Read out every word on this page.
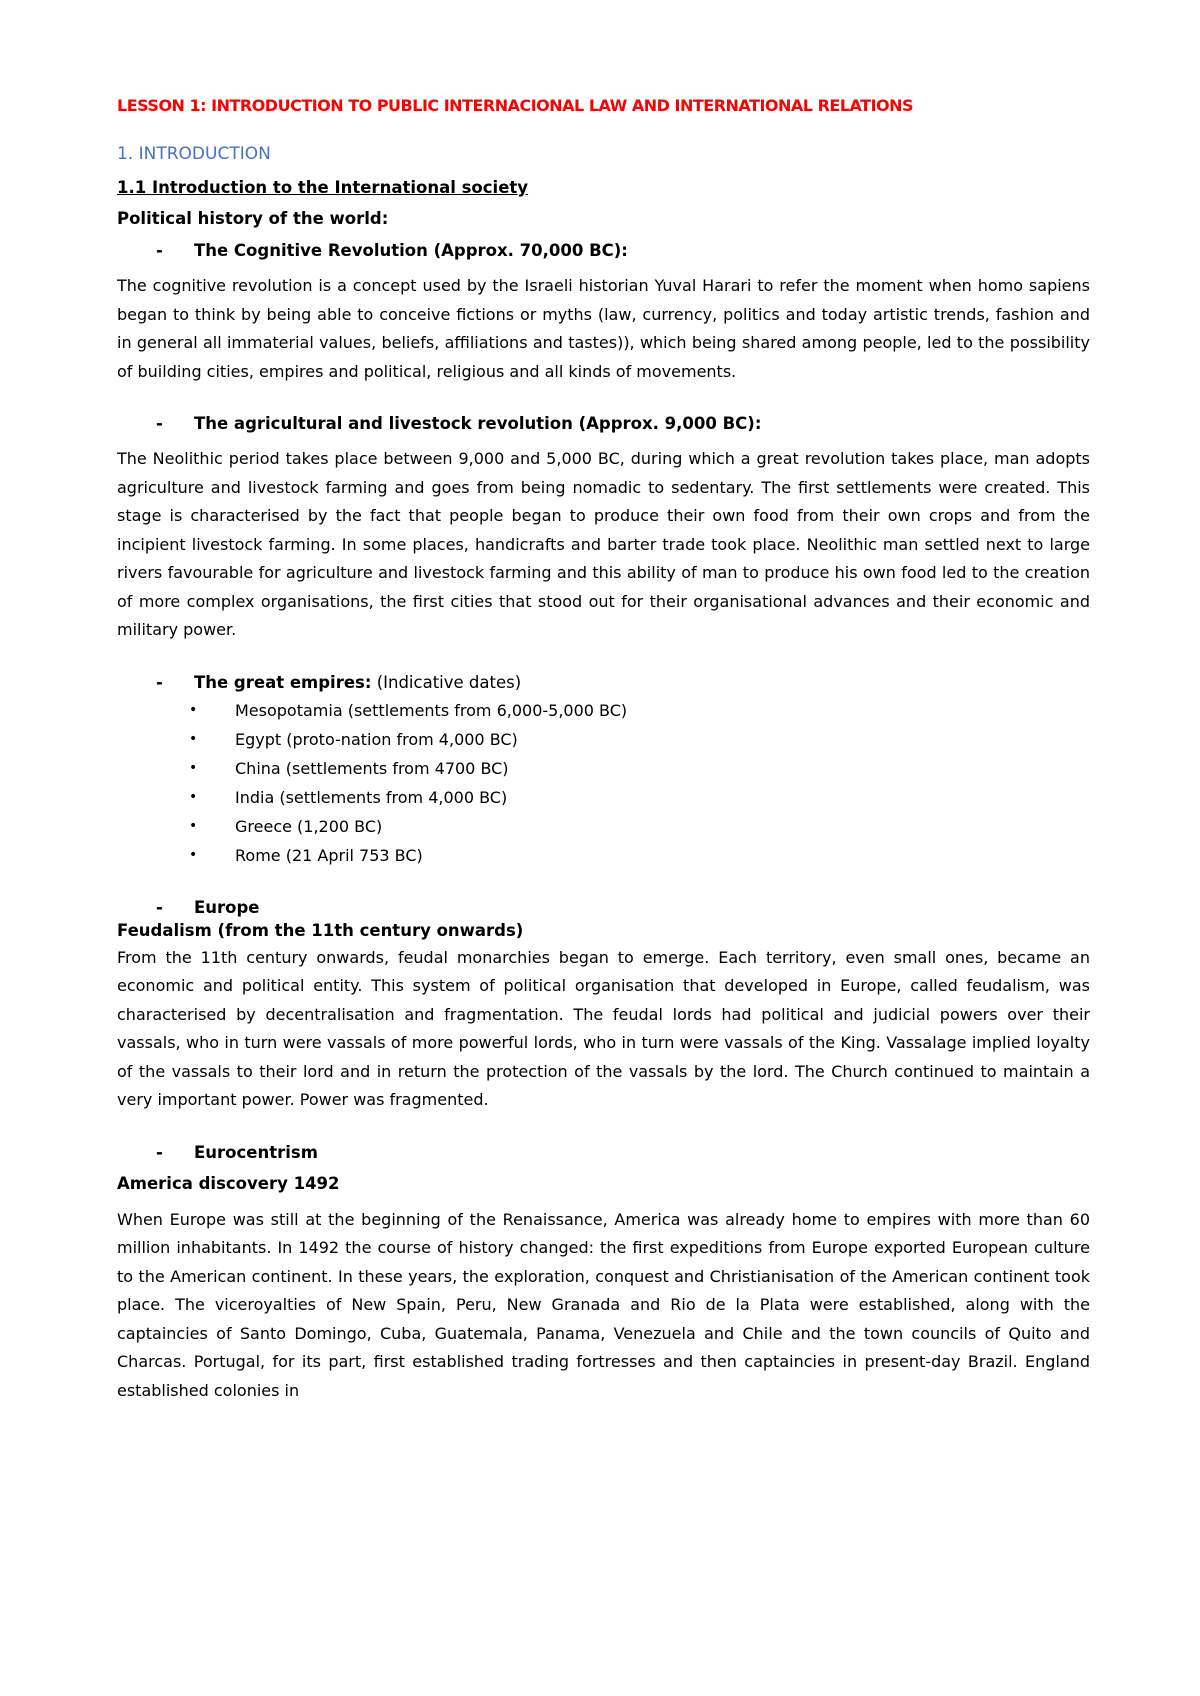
LESSON 1: INTRODUCTION TO PUBLIC INTERNACIONAL LAW AND INTERNATIONAL RELATIONS
1. INTRODUCTION
1.1 Introduction to the International society
Political history of the world:
-	The Cognitive Revolution (Approx. 70,000 BC):

The cognitive revolution is a concept used by the Israeli historian Yuval Harari to refer the moment when homo sapiens began to think by being able to conceive fictions or myths (law, currency, politics and today artistic trends, fashion and in general all immaterial values, beliefs, affiliations and tastes)), which being shared among people, led to the possibility of building cities, empires and political, religious and all kinds of movements.

-	The agricultural and livestock revolution (Approx. 9,000 BC):

The Neolithic period takes place between 9,000 and 5,000 BC, during which a great revolution takes place, man adopts agriculture and livestock farming and goes from being nomadic to sedentary. The first settlements were created. This stage is characterised by the fact that people began to produce their own food from their own crops and from the incipient livestock farming. In some places, handicrafts and barter trade took place. Neolithic man settled next to large rivers favourable for agriculture and livestock farming and this ability of man to produce his own food led to the creation of more complex organisations, the first cities that stood out for their organisational advances and their economic and military power.

-	The great empires: (Indicative dates)
•	Mesopotamia (settlements from 6,000-5,000 BC)
•	Egypt (proto-nation from 4,000 BC)
•	China (settlements from 4700 BC)
•	India (settlements from 4,000 BC)
•	Greece (1,200 BC)
•	Rome (21 April 753 BC)
-	Europe
Feudalism (from the 11th century onwards)

From the 11th century onwards, feudal monarchies began to emerge. Each territory, even small ones, became an economic and political entity. This system of political organisation that developed in Europe, called feudalism, was characterised by decentralisation and fragmentation. The feudal lords had political and judicial powers over their vassals, who in turn were vassals of more powerful lords, who in turn were vassals of the King. Vassalage implied loyalty of the vassals to their lord and in return the protection of the vassals by the lord. The Church continued to maintain a very important power. Power was fragmented.

-	Eurocentrism
America discovery 1492

When Europe was still at the beginning of the Renaissance, America was already home to empires with more than 60 million inhabitants. In 1492 the course of history changed: the first expeditions from Europe exported European culture to the American continent. In these years, the exploration, conquest and Christianisation of the American continent took place. The viceroyalties of New Spain, Peru, New Granada and Rio de la Plata were established, along with the captaincies of Santo Domingo, Cuba, Guatemala, Panama, Venezuela and Chile and the town councils of Quito and Charcas. Portugal, for its part, first established trading fortresses and then captaincies in present-day Brazil. England established colonies in
